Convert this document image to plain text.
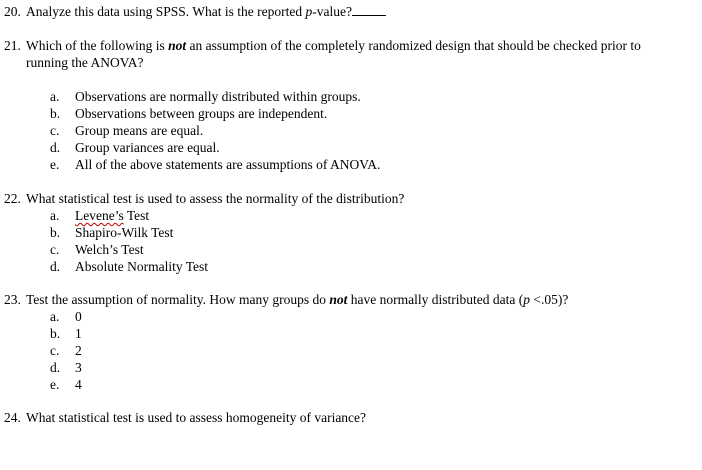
20. Analyze this data using SPSS. What is the reported p-value?
21. Which of the following is not an assumption of the completely randomized design that should be checked prior to
running the ANOVA?
a. Observations are normally distributed within groups.
b. Observations between groups are independent.
c. Group means are equal.
d. Group variances are equal.
e. All of the above statements are assumptions of ANOVA.
22. What statistical test is used to assess the normality of the distribution?
a. Levene’s Test
b. Shapiro-Wilk Test
c. Welch’s Test
d. Absolute Normality Test
23. Test the assumption of normality. How many groups do not have normally distributed data (p <.05)?
a. 0
b. 1
c. 2
d. 3
e. 4
24. What statistical test is used to assess homogeneity of variance?
